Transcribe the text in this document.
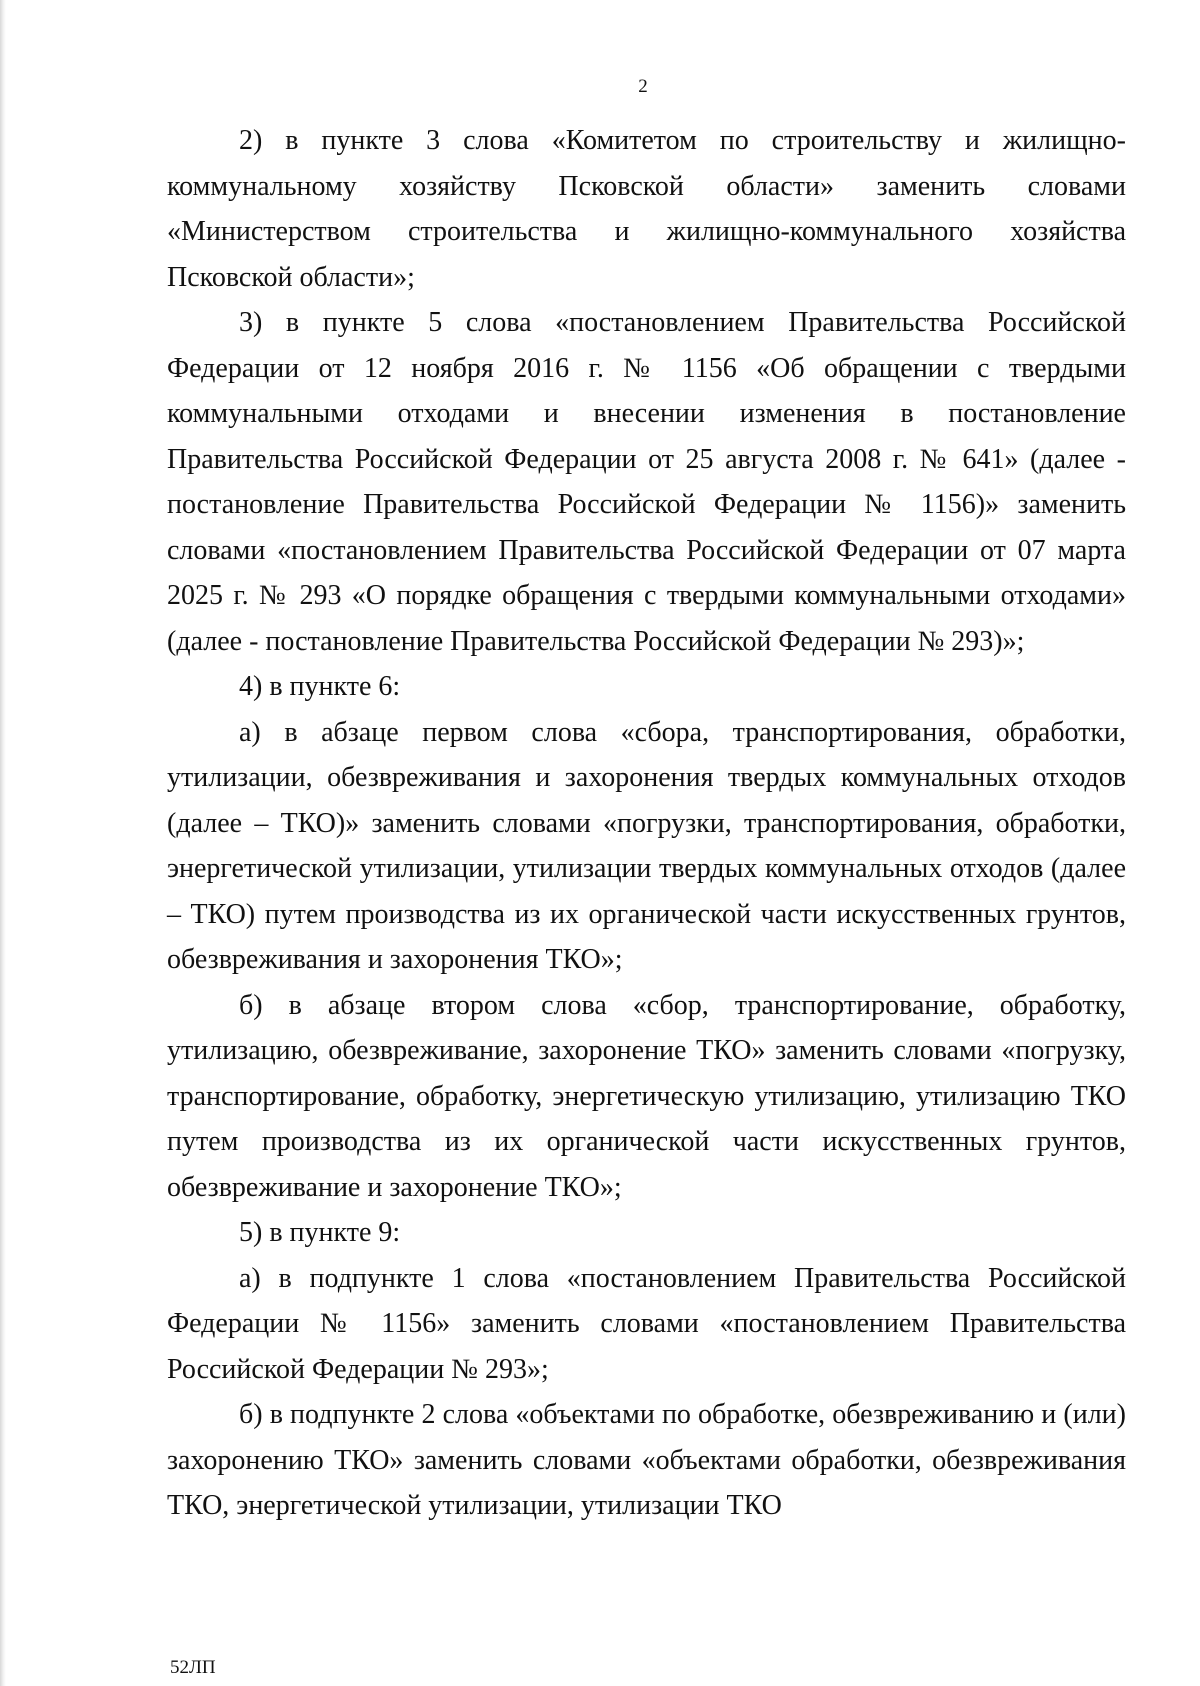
2

2) в пункте 3 слова «Комитетом по строительству и жилищно-коммунальному хозяйству Псковской области» заменить словами «Министерством строительства и жилищно-коммунального хозяйства Псковской области»;

3) в пункте 5 слова «постановлением Правительства Российской Федерации от 12 ноября 2016 г. № 1156 «Об обращении с твердыми коммунальными отходами и внесении изменения в постановление Правительства Российской Федерации от 25 августа 2008 г. № 641» (далее - постановление Правительства Российской Федерации № 1156)» заменить словами «постановлением Правительства Российской Федерации от 07 марта 2025 г. № 293 «О порядке обращения с твердыми коммунальными отходами» (далее - постановление Правительства Российской Федерации № 293)»;

4) в пункте 6:

а) в абзаце первом слова «сбора, транспортирования, обработки, утилизации, обезвреживания и захоронения твердых коммунальных отходов (далее – ТКО)» заменить словами «погрузки, транспортирования, обработки, энергетической утилизации, утилизации твердых коммунальных отходов (далее – ТКО) путем производства из их органической части искусственных грунтов, обезвреживания и захоронения ТКО»;

б) в абзаце втором слова «сбор, транспортирование, обработку, утилизацию, обезвреживание, захоронение ТКО» заменить словами «погрузку, транспортирование, обработку, энергетическую утилизацию, утилизацию ТКО путем производства из их органической части искусственных грунтов, обезвреживание и захоронение ТКО»;

5) в пункте 9:

а) в подпункте 1 слова «постановлением Правительства Российской Федерации № 1156» заменить словами «постановлением Правительства Российской Федерации № 293»;

б) в подпункте 2 слова «объектами по обработке, обезвреживанию и (или) захоронению ТКО» заменить словами «объектами обработки, обезвреживания ТКО, энергетической утилизации, утилизации ТКО

52ЛП
